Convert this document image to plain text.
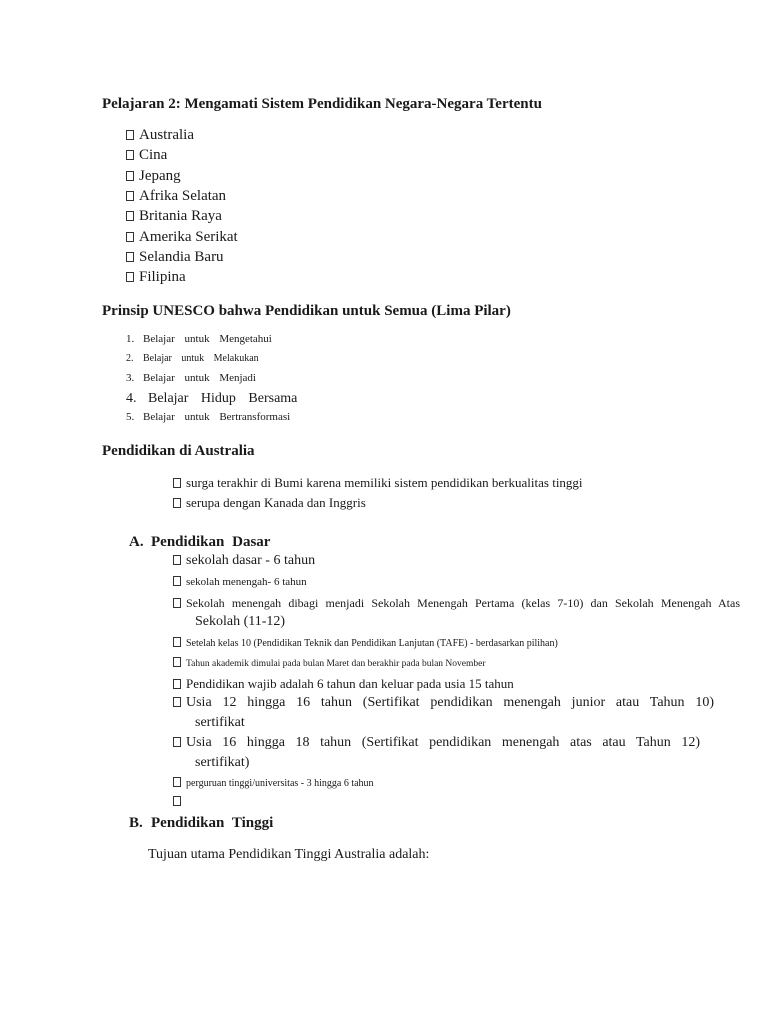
Pelajaran 2: Mengamati Sistem Pendidikan Negara-Negara Tertentu
Australia
Cina
Jepang
Afrika Selatan
Britania Raya
Amerika Serikat
Selandia Baru
Filipina
Prinsip UNESCO bahwa Pendidikan untuk Semua (Lima Pilar)
1. Belajar untuk Mengetahui
2. Belajar untuk Melakukan
3. Belajar untuk Menjadi
4. Belajar Hidup Bersama
5. Belajar untuk Bertransformasi
Pendidikan di Australia
surga terakhir di Bumi karena memiliki sistem pendidikan berkualitas tinggi
serupa dengan Kanada dan Inggris
A. Pendidikan Dasar
sekolah dasar - 6 tahun
sekolah menengah- 6 tahun
Sekolah menengah dibagi menjadi Sekolah Menengah Pertama (kelas 7-10) dan Sekolah Menengah Atas
Sekolah (11-12)
Setelah kelas 10 (Pendidikan Teknik dan Pendidikan Lanjutan (TAFE) - berdasarkan pilihan)
Tahun akademik dimulai pada bulan Maret dan berakhir pada bulan November
Pendidikan wajib adalah 6 tahun dan keluar pada usia 15 tahun
Usia 12 hingga 16 tahun (Sertifikat pendidikan menengah junior atau Tahun 10)
sertifikat
Usia 16 hingga 18 tahun (Sertifikat pendidikan menengah atas atau Tahun 12)
sertifikat)
perguruan tinggi/universitas - 3 hingga 6 tahun
B. Pendidikan Tinggi
Tujuan utama Pendidikan Tinggi Australia adalah:
